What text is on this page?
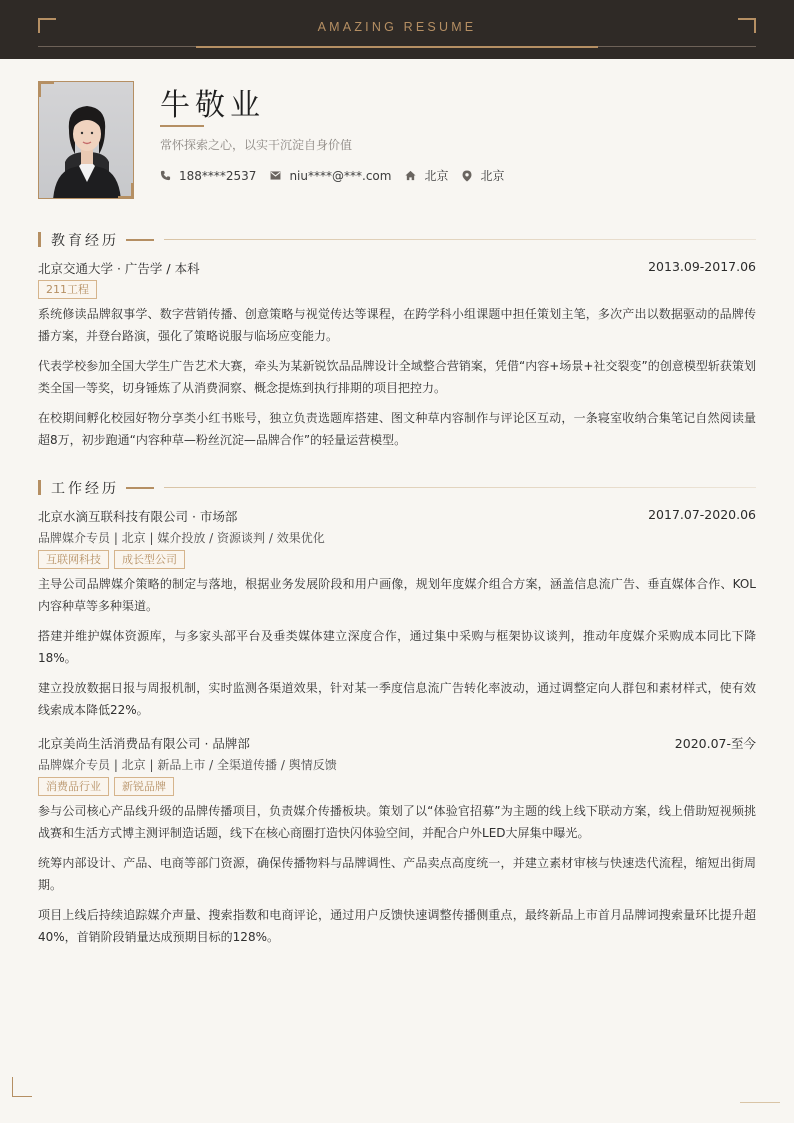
AMAZING RESUME
牛敬业
常怀探索之心，以实干沉淀自身价值
188****2537	niu****@***.com	北京	北京
教育经历
北京交通大学 · 广告学 / 本科	2013.09-2017.06
211工程
系统修读品牌叙事学、数字营销传播、创意策略与视觉传达等课程，在跨学科小组课题中担任策划主笔，多次产出以数据驱动的品牌传播方案，并登台路演，强化了策略说服与临场应变能力。
代表学校参加全国大学生广告艺术大赛，牵头为某新锐饮品品牌设计全域整合营销案，凭借“内容+场景+社交裂变”的创意模型斩获策划类全国一等奖，切身锤炼了从消费洞察、概念提炼到执行排期的项目把控力。
在校期间孵化校园好物分享类小红书账号，独立负责选题库搭建、图文种草内容制作与评论区互动，一条寝室收纳合集笔记自然阅读量超8万，初步跑通“内容种草—粉丝沉淀—品牌合作”的轻量运营模型。
工作经历
北京水滴互联科技有限公司 · 市场部	2017.07-2020.06
品牌媒介专员 | 北京 | 媒介投放 / 资源谈判 / 效果优化
互联网科技	成长型公司
主导公司品牌媒介策略的制定与落地，根据业务发展阶段和用户画像，规划年度媒介组合方案，涵盖信息流广告、垂直媒体合作、KOL内容种草等多种渠道。
搭建并维护媒体资源库，与多家头部平台及垂类媒体建立深度合作，通过集中采购与框架协议谈判，推动年度媒介采购成本同比下降18%。
建立投放数据日报与周报机制，实时监测各渠道效果，针对某一季度信息流广告转化率波动，通过调整定向人群包和素材样式，使有效线索成本降低22%。
北京美尚生活消费品有限公司 · 品牌部	2020.07-至今
品牌媒介专员 | 北京 | 新品上市 / 全渠道传播 / 舆情反馈
消费品行业	新锐品牌
参与公司核心产品线升级的品牌传播项目，负责媒介传播板块。策划了以“体验官招募”为主题的线上线下联动方案，线上借助短视频挑战赛和生活方式博主测评制造话题，线下在核心商圈打造快闪体验空间，并配合户外LED大屏集中曝光。
统筹内部设计、产品、电商等部门资源，确保传播物料与品牌调性、产品卖点高度统一，并建立素材审核与快速迭代流程，缩短出街周期。
项目上线后持续追踪媒介声量、搜索指数和电商评论，通过用户反馈快速调整传播侧重点，最终新品上市首月品牌词搜索量环比提升超40%，首销阶段销量达成预期目标的128%。
